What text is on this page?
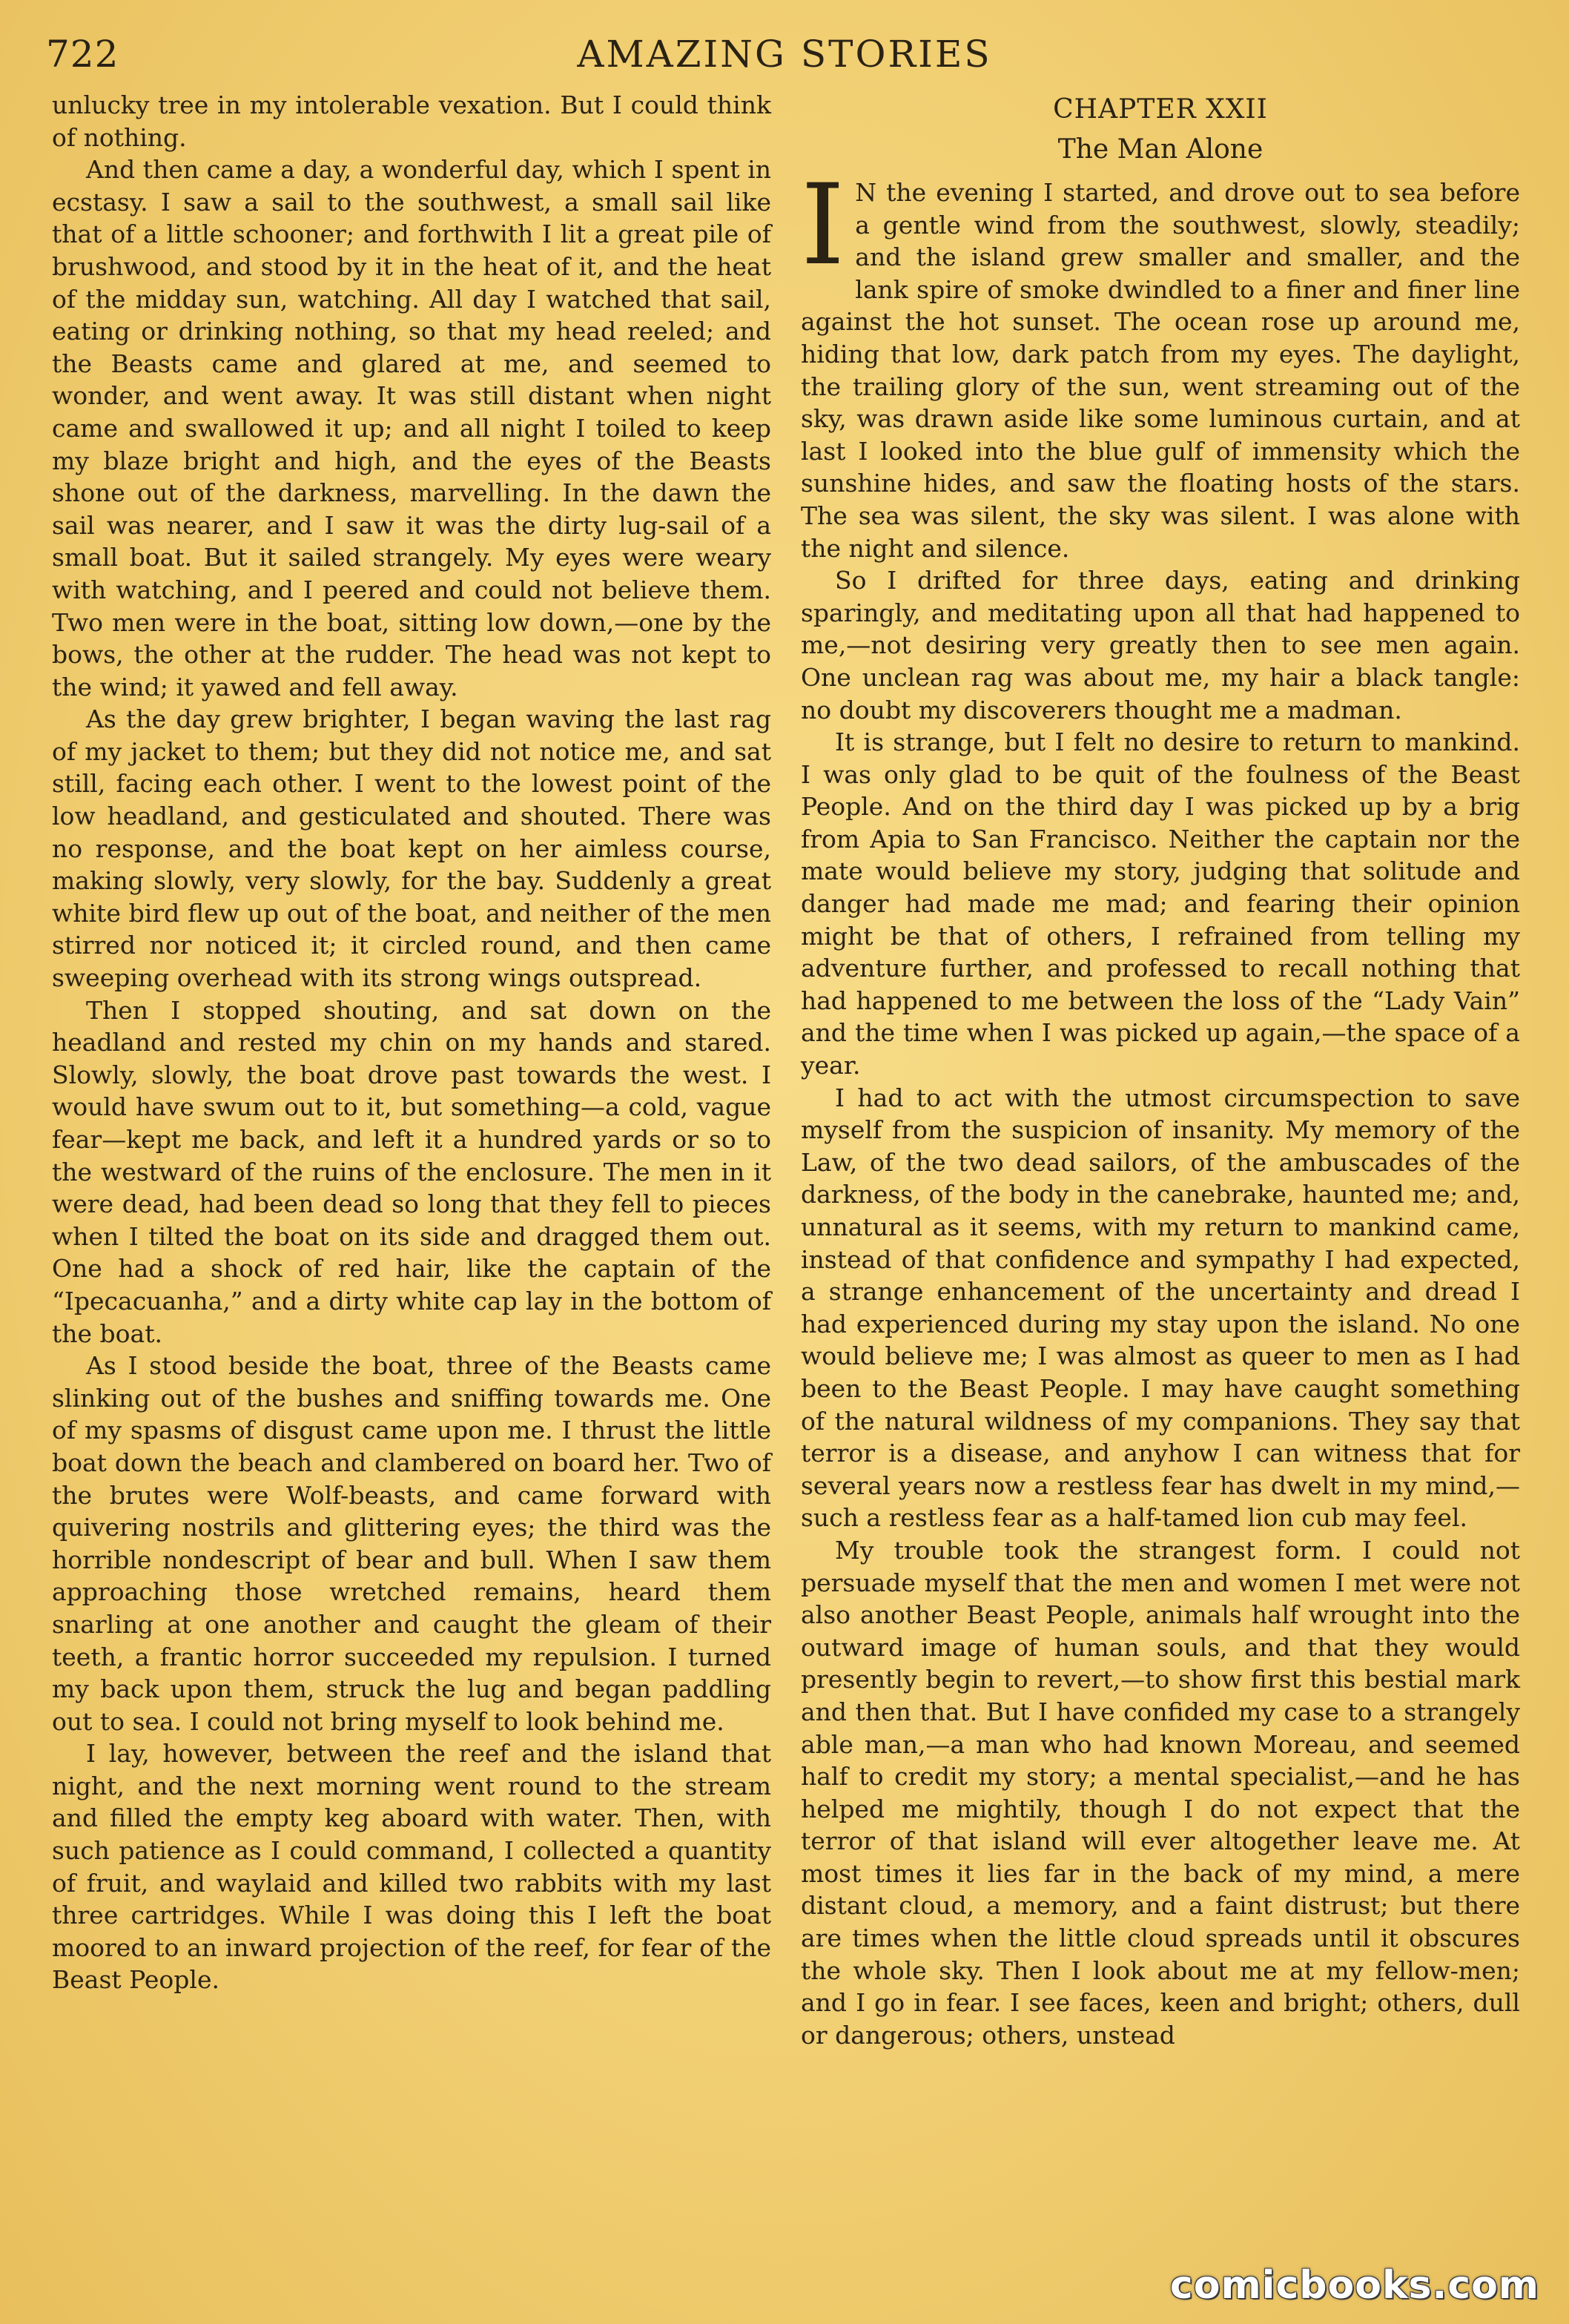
722	AMAZING STORIES

unlucky tree in my intolerable vexation. But I could think of nothing.

And then came a day, a wonderful day, which I spent in ecstasy. I saw a sail to the southwest, a small sail like that of a little schooner; and forthwith I lit a great pile of brushwood, and stood by it in the heat of it, and the heat of the midday sun, watching. All day I watched that sail, eating or drinking nothing, so that my head reeled; and the Beasts came and glared at me, and seemed to wonder, and went away. It was still distant when night came and swallowed it up; and all night I toiled to keep my blaze bright and high, and the eyes of the Beasts shone out of the darkness, marvelling. In the dawn the sail was nearer, and I saw it was the dirty lug-sail of a small boat. But it sailed strangely. My eyes were weary with watching, and I peered and could not believe them. Two men were in the boat, sitting low down,—one by the bows, the other at the rudder. The head was not kept to the wind; it yawed and fell away.

As the day grew brighter, I began waving the last rag of my jacket to them; but they did not notice me, and sat still, facing each other. I went to the lowest point of the low headland, and gesticulated and shouted. There was no response, and the boat kept on her aimless course, making slowly, very slowly, for the bay. Suddenly a great white bird flew up out of the boat, and neither of the men stirred nor noticed it; it circled round, and then came sweeping overhead with its strong wings outspread.

Then I stopped shouting, and sat down on the headland and rested my chin on my hands and stared. Slowly, slowly, the boat drove past towards the west. I would have swum out to it, but something—a cold, vague fear—kept me back, and left it a hundred yards or so to the westward of the ruins of the enclosure. The men in it were dead, had been dead so long that they fell to pieces when I tilted the boat on its side and dragged them out. One had a shock of red hair, like the captain of the “Ipecacuanha,” and a dirty white cap lay in the bottom of the boat.

As I stood beside the boat, three of the Beasts came slinking out of the bushes and sniffing towards me. One of my spasms of disgust came upon me. I thrust the little boat down the beach and clambered on board her. Two of the brutes were Wolf-beasts, and came forward with quivering nostrils and glittering eyes; the third was the horrible nondescript of bear and bull. When I saw them approaching those wretched remains, heard them snarling at one another and caught the gleam of their teeth, a frantic horror succeeded my repulsion. I turned my back upon them, struck the lug and began paddling out to sea. I could not bring myself to look behind me.

I lay, however, between the reef and the island that night, and the next morning went round to the stream and filled the empty keg aboard with water. Then, with such patience as I could command, I collected a quantity of fruit, and waylaid and killed two rabbits with my last three cartridges. While I was doing this I left the boat moored to an inward projection of the reef, for fear of the Beast People.

CHAPTER XXII
The Man Alone

I N the evening I started, and drove out to sea before a gentle wind from the southwest, slowly, steadily; and the island grew smaller and smaller, and the lank spire of smoke dwindled to a finer and finer line against the hot sunset. The ocean rose up around me, hiding that low, dark patch from my eyes. The daylight, the trailing glory of the sun, went streaming out of the sky, was drawn aside like some luminous curtain, and at last I looked into the blue gulf of immensity which the sunshine hides, and saw the floating hosts of the stars. The sea was silent, the sky was silent. I was alone with the night and silence.

So I drifted for three days, eating and drinking sparingly, and meditating upon all that had happened to me,—not desiring very greatly then to see men again. One unclean rag was about me, my hair a black tangle: no doubt my discoverers thought me a madman.

It is strange, but I felt no desire to return to mankind. I was only glad to be quit of the foulness of the Beast People. And on the third day I was picked up by a brig from Apia to San Francisco. Neither the captain nor the mate would believe my story, judging that solitude and danger had made me mad; and fearing their opinion might be that of others, I refrained from telling my adventure further, and professed to recall nothing that had happened to me between the loss of the “Lady Vain” and the time when I was picked up again,—the space of a year.

I had to act with the utmost circumspection to save myself from the suspicion of insanity. My memory of the Law, of the two dead sailors, of the ambuscades of the darkness, of the body in the canebrake, haunted me; and, unnatural as it seems, with my return to mankind came, instead of that confidence and sympathy I had expected, a strange enhancement of the uncertainty and dread I had experienced during my stay upon the island. No one would believe me; I was almost as queer to men as I had been to the Beast People. I may have caught something of the natural wildness of my companions. They say that terror is a disease, and anyhow I can witness that for several years now a restless fear has dwelt in my mind,—such a restless fear as a half-tamed lion cub may feel.

My trouble took the strangest form. I could not persuade myself that the men and women I met were not also another Beast People, animals half wrought into the outward image of human souls, and that they would presently begin to revert,—to show first this bestial mark and then that. But I have confided my case to a strangely able man,—a man who had known Moreau, and seemed half to credit my story; a mental specialist,—and he has helped me mightily, though I do not expect that the terror of that island will ever altogether leave me. At most times it lies far in the back of my mind, a mere distant cloud, a memory, and a faint distrust; but there are times when the little cloud spreads until it obscures the whole sky. Then I look about me at my fellow-men; and I go in fear. I see faces, keen and bright; others, dull or dangerous; others, unstead

comicbooks.com
